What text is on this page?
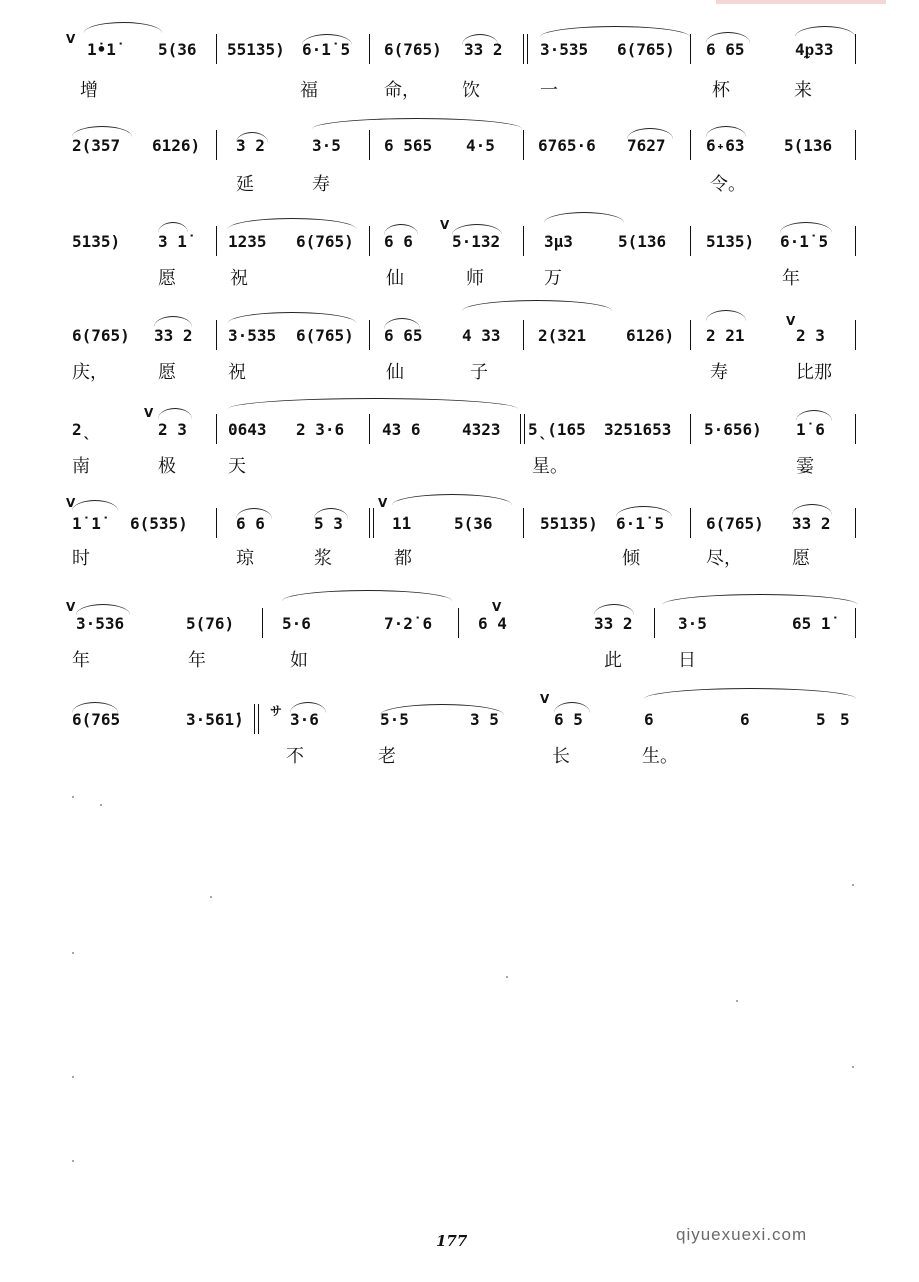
1̇•1̇	5(36 55135) 6·1̇ 5 6(765) 33 2 3·535 6(765) 6 65	4ᵱ33
增	福	命， 饮	一	杯	来
2(357 6126) 3 2	3·5	6 565 4·5	6765·6 7627	6˖63 5(136
延	寿	令。
5135) 3 1̇	1235 6(765) 6 6 5·132	3µ3	5(136 5135) 6·1̇ 5
愿	祝	仙	师	万	年
6(765) 33 2 3·535 6(765) 6 65 4 33 2(321 6126) 2 21	2 3
庆，	愿	祝	仙	子	寿	比那
2ˎ	2 3	0643 2 3·6 43 6	4323 5ˎ(165 3251653 5·656) 1̇ 6
南	极	天	星。	霎
1̇ 1̇ 6(535)	6 6	5 3	1̇1	5(36	55135) 6·1̇ 5	6(765) 33 2
时	琼	浆	都	倾	尽，	愿
3·536	5(76)	5·6	7·2̇ 6	6 4	33 2	3·5	65 1̇
年	年	如	此	日
6(765	3·561̇)	3·6	5·5	3 5	6 5	6	6	5 5
不	老	长	生。
V
V
V
V
V	V
V	V
V
サ
177	qiyuexuexi.com
